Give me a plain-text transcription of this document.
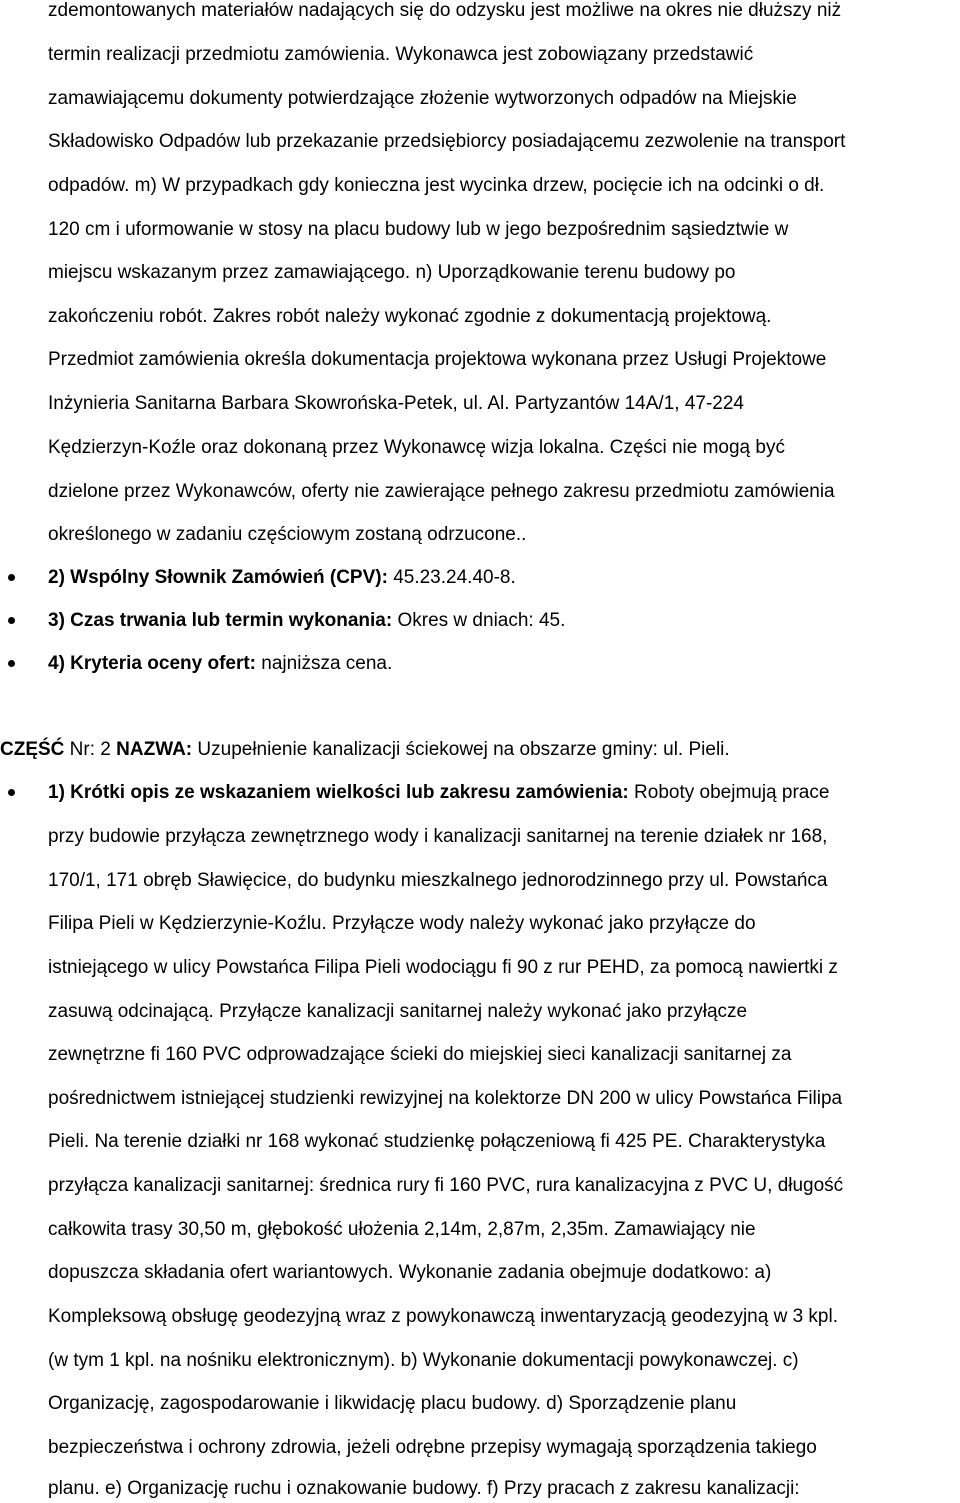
zdemontowanych materiałów nadających się do odzysku jest możliwe na okres nie dłuższy niż
termin realizacji przedmiotu zamówienia. Wykonawca jest zobowiązany przedstawić
zamawiającemu dokumenty potwierdzające złożenie wytworzonych odpadów na Miejskie
Składowisko Odpadów lub przekazanie przedsiębiorcy posiadającemu zezwolenie na transport
odpadów. m) W przypadkach gdy konieczna jest wycinka drzew, pocięcie ich na odcinki o dł.
120 cm i uformowanie w stosy na placu budowy lub w jego bezpośrednim sąsiedztwie w
miejscu wskazanym przez zamawiającego. n) Uporządkowanie terenu budowy po
zakończeniu robót. Zakres robót należy wykonać zgodnie z dokumentacją projektową.
Przedmiot zamówienia określa dokumentacja projektowa wykonana przez Usługi Projektowe
Inżynieria Sanitarna Barbara Skowrońska-Petek, ul. Al. Partyzantów 14A/1, 47-224
Kędzierzyn-Koźle oraz dokonaną przez Wykonawcę wizja lokalna. Części nie mogą być
dzielone przez Wykonawców, oferty nie zawierające pełnego zakresu przedmiotu zamówienia
określonego w zadaniu częściowym zostaną odrzucone..
2) Wspólny Słownik Zamówień (CPV): 45.23.24.40-8.
3) Czas trwania lub termin wykonania: Okres w dniach: 45.
4) Kryteria oceny ofert: najniższa cena.
CZĘŚĆ Nr: 2 NAZWA: Uzupełnienie kanalizacji ściekowej na obszarze gminy: ul. Pieli.
1) Krótki opis ze wskazaniem wielkości lub zakresu zamówienia: Roboty obejmują prace
przy budowie przyłącza zewnętrznego wody i kanalizacji sanitarnej na terenie działek nr 168,
170/1, 171 obręb Sławięcice, do budynku mieszkalnego jednorodzinnego przy ul. Powstańca
Filipa Pieli w Kędzierzynie-Koźlu. Przyłącze wody należy wykonać jako przyłącze do
istniejącego w ulicy Powstańca Filipa Pieli wodociągu fi 90 z rur PEHD, za pomocą nawiertki z
zasuwą odcinającą. Przyłącze kanalizacji sanitarnej należy wykonać jako przyłącze
zewnętrzne fi 160 PVC odprowadzające ścieki do miejskiej sieci kanalizacji sanitarnej za
pośrednictwem istniejącej studzienki rewizyjnej na kolektorze DN 200 w ulicy Powstańca Filipa
Pieli. Na terenie działki nr 168 wykonać studzienkę połączeniową fi 425 PE. Charakterystyka
przyłącza kanalizacji sanitarnej: średnica rury fi 160 PVC, rura kanalizacyjna z PVC U, długość
całkowita trasy 30,50 m, głębokość ułożenia 2,14m, 2,87m, 2,35m. Zamawiający nie
dopuszcza składania ofert wariantowych. Wykonanie zadania obejmuje dodatkowo: a)
Kompleksową obsługę geodezyjną wraz z powykonawczą inwentaryzacją geodezyjną w 3 kpl.
(w tym 1 kpl. na nośniku elektronicznym). b) Wykonanie dokumentacji powykonawczej. c)
Organizację, zagospodarowanie i likwidację placu budowy. d) Sporządzenie planu
bezpieczeństwa i ochrony zdrowia, jeżeli odrębne przepisy wymagają sporządzenia takiego
planu. e) Organizację ruchu i oznakowanie budowy. f) Przy pracach z zakresu kanalizacji:
